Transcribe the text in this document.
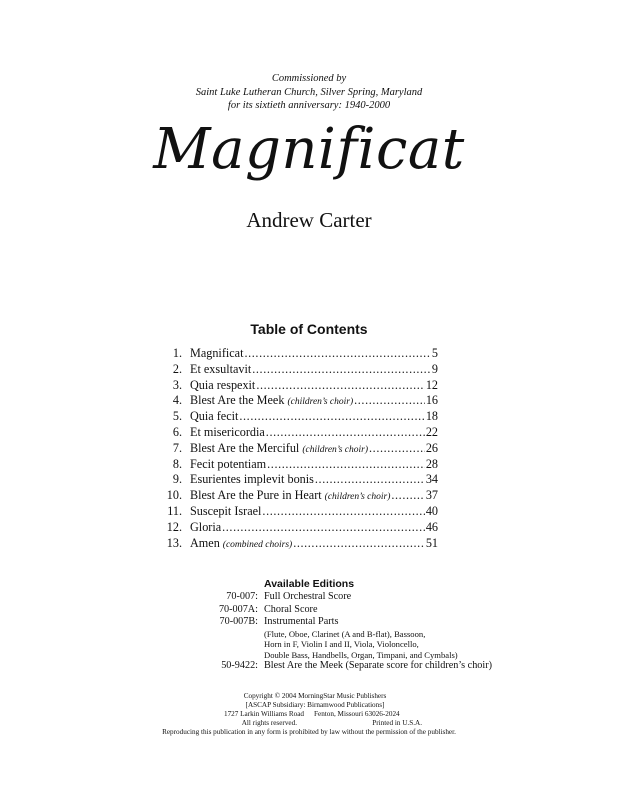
Commissioned by
Saint Luke Lutheran Church, Silver Spring, Maryland
for its sixtieth anniversary: 1940-2000
Magnificat
Andrew Carter
Table of Contents
1. Magnificat .....	5
2. Et exsultavit .....	9
3. Quia respexit .....	12
4. Blest Are the Meek (children’s choir) .....	16
5. Quia fecit .....	18
6. Et misericordia .....	22
7. Blest Are the Merciful (children’s choir) .....	26
8. Fecit potentiam .....	28
9. Esurientes implevit bonis .....	34
10. Blest Are the Pure in Heart (children’s choir) .....	37
11. Suscepit Israel .....	40
12. Gloria .....	46
13. Amen (combined choirs) .....	51
Available Editions
70-007: Full Orchestral Score
70-007A: Choral Score
70-007B: Instrumental Parts
(Flute, Oboe, Clarinet (A and B-flat), Bassoon,
Horn in F, Violin I and II, Viola, Violoncello,
Double Bass, Handbells, Organ, Timpani, and Cymbals)
50-9422: Blest Are the Meek (Separate score for children’s choir)
Copyright © 2004 MorningStar Music Publishers
[ASCAP Subsidiary: Birnamwood Publications]
1727 Larkin Williams Road	Fenton, Missouri 63026-2024
All rights reserved.	Printed in U.S.A.
Reproducing this publication in any form is prohibited by law without the permission of the publisher.
